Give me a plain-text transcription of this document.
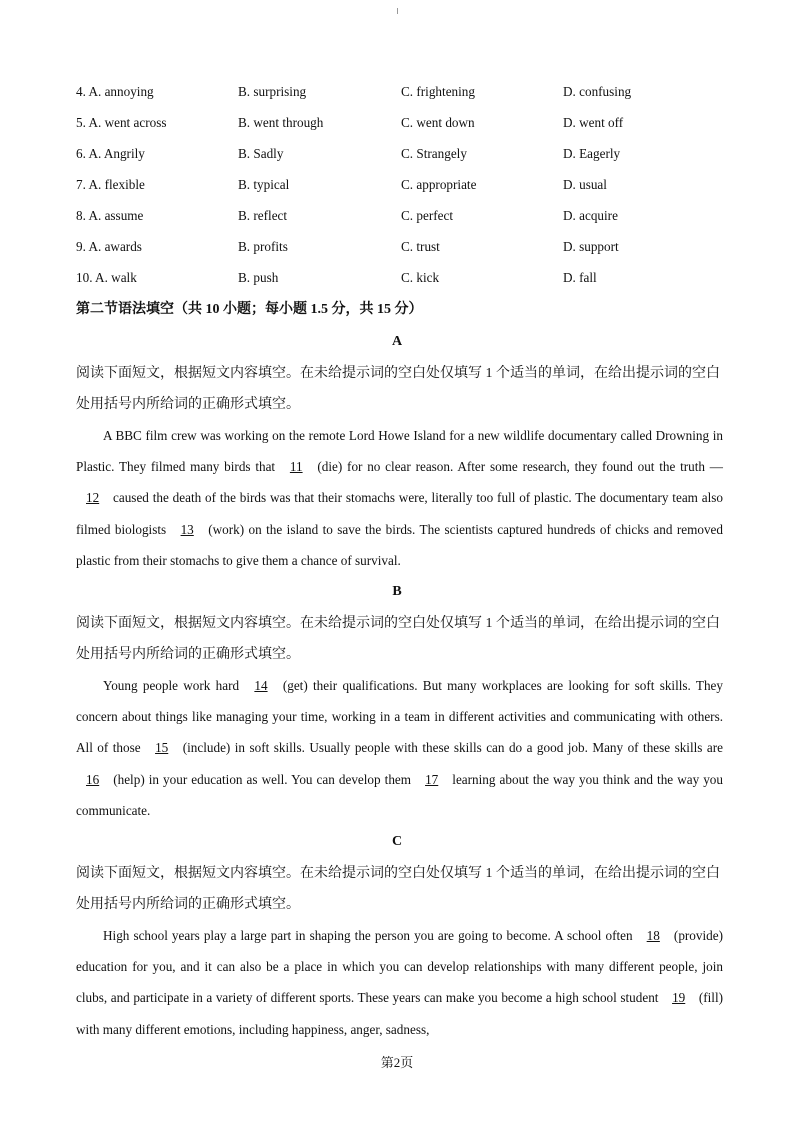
4. A. annoying	B. surprising	C. frightening	D. confusing
5. A. went across	B. went through	C. went down	D. went off
6. A. Angrily	B. Sadly	C. Strangely	D. Eagerly
7. A. flexible	B. typical	C. appropriate	D. usual
8. A. assume	B. reflect	C. perfect	D. acquire
9. A. awards	B. profits	C. trust	D. support
10. A. walk	B. push	C. kick	D. fall
第二节语法填空（共 10 小题；每小题 1.5 分，共 15 分）
A
阅读下面短文，根据短文内容填空。在未给提示词的空白处仅填写 1 个适当的单词，在给出提示词的空白处用括号内所给词的正确形式填空。
A BBC film crew was working on the remote Lord Howe Island for a new wildlife documentary called Drowning in Plastic. They filmed many birds that 11 (die) for no clear reason. After some research, they found out the truth — 12 caused the death of the birds was that their stomachs were, literally too full of plastic. The documentary team also filmed biologists 13 (work) on the island to save the birds. The scientists captured hundreds of chicks and removed plastic from their stomachs to give them a chance of survival.
B
阅读下面短文，根据短文内容填空。在未给提示词的空白处仅填写 1 个适当的单词，在给出提示词的空白处用括号内所给词的正确形式填空。
Young people work hard 14 (get) their qualifications. But many workplaces are looking for soft skills. They concern about things like managing your time, working in a team in different activities and communicating with others. All of those 15 (include) in soft skills. Usually people with these skills can do a good job. Many of these skills are 16 (help) in your education as well. You can develop them 17 learning about the way you think and the way you communicate.
C
阅读下面短文，根据短文内容填空。在未给提示词的空白处仅填写 1 个适当的单词，在给出提示词的空白处用括号内所给词的正确形式填空。
High school years play a large part in shaping the person you are going to become. A school often 18 (provide) education for you, and it can also be a place in which you can develop relationships with many different people, join clubs, and participate in a variety of different sports. These years can make you become a high school student 19 (fill) with many different emotions, including happiness, anger, sadness,
第2页
